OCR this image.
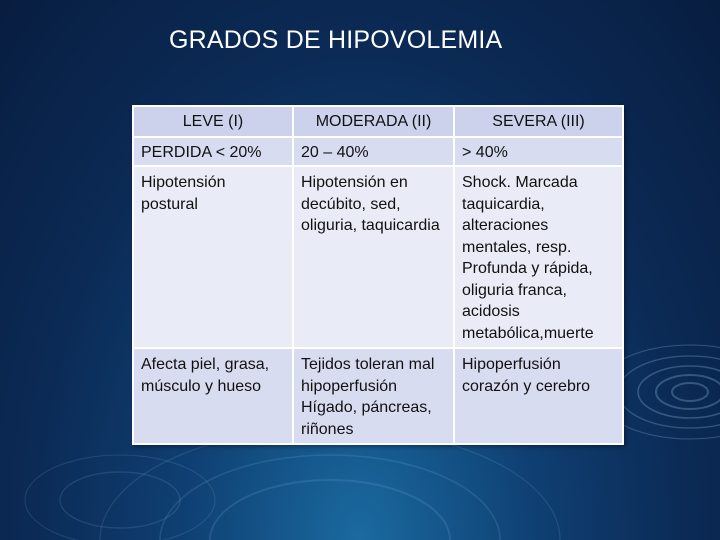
GRADOS DE HIPOVOLEMIA
LEVE (I)	MODERADA (II)	SEVERA (III)
PERDIDA < 20%	20 – 40%	> 40%
Hipotensión postural	Hipotensión en decúbito, sed, oliguria, taquicardia	Shock. Marcada taquicardia, alteraciones mentales, resp. Profunda y rápida, oliguria franca, acidosis metabólica,muerte
Afecta piel, grasa, músculo y hueso	Tejidos toleran mal hipoperfusión Hígado, páncreas, riñones	Hipoperfusión corazón y cerebro
